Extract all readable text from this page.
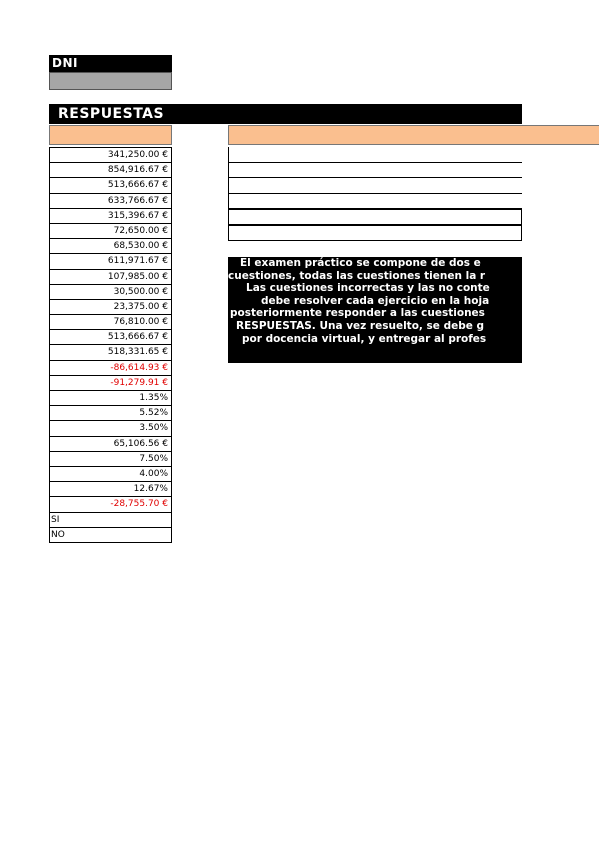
DNI
RESPUESTAS
341,250.00 €
854,916.67 €
513,666.67 €
633,766.67 €
315,396.67 €
72,650.00 €
68,530.00 €
611,971.67 €
107,985.00 €
30,500.00 €
23,375.00 €
76,810.00 €
513,666.67 €
518,331.65 €
-86,614.93 €
-91,279.91 €
1.35%
5.52%
3.50%
65,106.56 €
7.50%
4.00%
12.67%
-28,755.70 €
SI
NO
El examen práctico se compone de dos e
cuestiones, todas las cuestiones tienen la r
Las cuestiones incorrectas y las no conte
debe resolver cada ejercicio en la hoja
posteriormente responder a las cuestiones
RESPUESTAS. Una vez resuelto, se debe g
por docencia virtual, y entregar al profes
